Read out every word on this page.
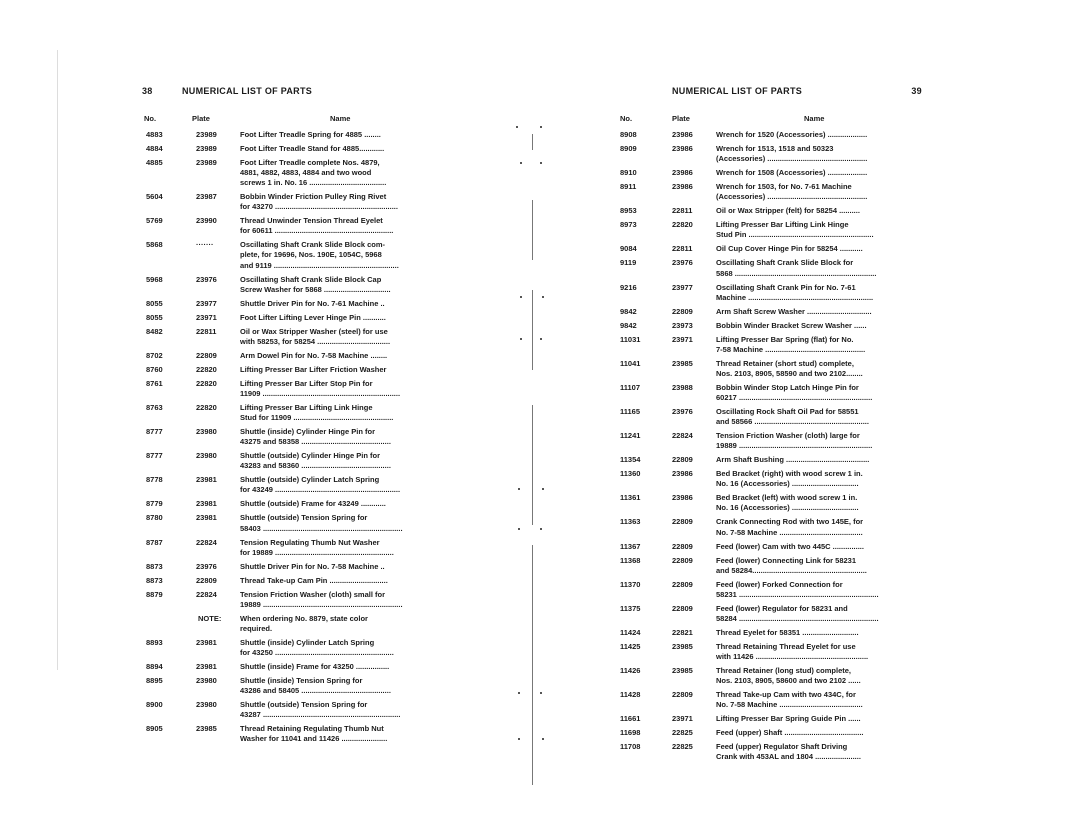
38	NUMERICAL LIST OF PARTS
No.	Plate	Name
4883	23989	Foot Lifter Treadle Spring for 4885 ........
4884	23989	Foot Lifter Treadle Stand for 4885............
4885	23989	Foot Lifter Treadle complete Nos. 4879,
4881, 4882, 4883, 4884 and two wood
screws 1 in. No. 16 .....................................
5604	23987	Bobbin Winder Friction Pulley Ring Rivet
for 43270 ...........................................................
5769	23990	Thread Unwinder Tension Thread Eyelet
for 60611 .........................................................
5868	·······	Oscillating Shaft Crank Slide Block com-
plete, for 19696, Nos. 190E, 1054C, 5968
and 9119 ............................................................
5968	23976	Oscillating Shaft Crank Slide Block Cap
Screw Washer for 5868 ................................
8055	23977	Shuttle Driver Pin for No. 7-61 Machine ..
8055	23971	Foot Lifter Lifting Lever Hinge Pin ...........
8482	22811	Oil or Wax Stripper Washer (steel) for use
with 58253, for 58254 ...................................
8702	22809	Arm Dowel Pin for No. 7-58 Machine ........
8760	22820	Lifting Presser Bar Lifter Friction Washer
8761	22820	Lifting Presser Bar Lifter Stop Pin for
11909 ..................................................................
8763	22820	Lifting Presser Bar Lifting Link Hinge
Stud for 11909 ................................................
8777	23980	Shuttle (inside) Cylinder Hinge Pin for
43275 and 58358 ...........................................
8777	23980	Shuttle (outside) Cylinder Hinge Pin for
43283 and 58360 ...........................................
8778	23981	Shuttle (outside) Cylinder Latch Spring
for 43249 ............................................................
8779	23981	Shuttle (outside) Frame for 43249 ............
8780	23981	Shuttle (outside) Tension Spring for
58403 ...................................................................
8787	22824	Tension Regulating Thumb Nut Washer
for 19889 .........................................................
8873	23976	Shuttle Driver Pin for No. 7-58 Machine ..
8873	22809	Thread Take-up Cam Pin ............................
8879	22824	Tension Friction Washer (cloth) small for
19889 ...................................................................
NOTE: When ordering No. 8879, state color
required.
8893	23981	Shuttle (inside) Cylinder Latch Spring
for 43250 .........................................................
8894	23981	Shuttle (inside) Frame for 43250 ................
8895	23980	Shuttle (inside) Tension Spring for
43286 and 58405 ...........................................
8900	23980	Shuttle (outside) Tension Spring for
43287 ..................................................................
8905	23985	Thread Retaining Regulating Thumb Nut
Washer for 11041 and 11426 ......................
NUMERICAL LIST OF PARTS	39
No.	Plate	Name
8908	23986	Wrench for 1520 (Accessories) ...................
8909	23986	Wrench for 1513, 1518 and 50323
(Accessories) ................................................
8910	23986	Wrench for 1508 (Accessories) ...................
8911	23986	Wrench for 1503, for No. 7-61 Machine
(Accessories) ................................................
8953	22811	Oil or Wax Stripper (felt) for 58254 ..........
8973	22820	Lifting Presser Bar Lifting Link Hinge
Stud Pin ............................................................
9084	22811	Oil Cup Cover Hinge Pin for 58254 ...........
9119	23976	Oscillating Shaft Crank Slide Block for
5868 ....................................................................
9216	23977	Oscillating Shaft Crank Pin for No. 7-61
Machine ............................................................
9842	22809	Arm Shaft Screw Washer ...............................
9842	23973	Bobbin Winder Bracket Screw Washer ......
11031	23971	Lifting Presser Bar Spring (flat) for No.
7-58 Machine ................................................
11041	23985	Thread Retainer (short stud) complete,
Nos. 2103, 8905, 58590 and two 2102........
11107	23988	Bobbin Winder Stop Latch Hinge Pin for
60217 ................................................................
11165	23976	Oscillating Rock Shaft Oil Pad for 58551
and 58566 .......................................................
11241	22824	Tension Friction Washer (cloth) large for
19889 ................................................................
11354	22809	Arm Shaft Bushing ........................................
11360	23986	Bed Bracket (right) with wood screw 1 in.
No. 16 (Accessories) ................................
11361	23986	Bed Bracket (left) with wood screw 1 in.
No. 16 (Accessories) ................................
11363	22809	Crank Connecting Rod with two 145E, for
No. 7-58 Machine ........................................
11367	22809	Feed (lower) Cam with two 445C ...............
11368	22809	Feed (lower) Connecting Link for 58231
and 58284.......................................................
11370	22809	Feed (lower) Forked Connection for
58231 ...................................................................
11375	22809	Feed (lower) Regulator for 58231 and
58284 ...................................................................
11424	22821	Thread Eyelet for 58351 ...........................
11425	23985	Thread Retaining Thread Eyelet for use
with 11426 ......................................................
11426	23985	Thread Retainer (long stud) complete,
Nos. 2103, 8905, 58600 and two 2102 ......
11428	22809	Thread Take-up Cam with two 434C, for
No. 7-58 Machine ........................................
11661	23971	Lifting Presser Bar Spring Guide Pin ......
11698	22825	Feed (upper) Shaft ......................................
11708	22825	Feed (upper) Regulator Shaft Driving
Crank with 453AL and 1804 ......................
